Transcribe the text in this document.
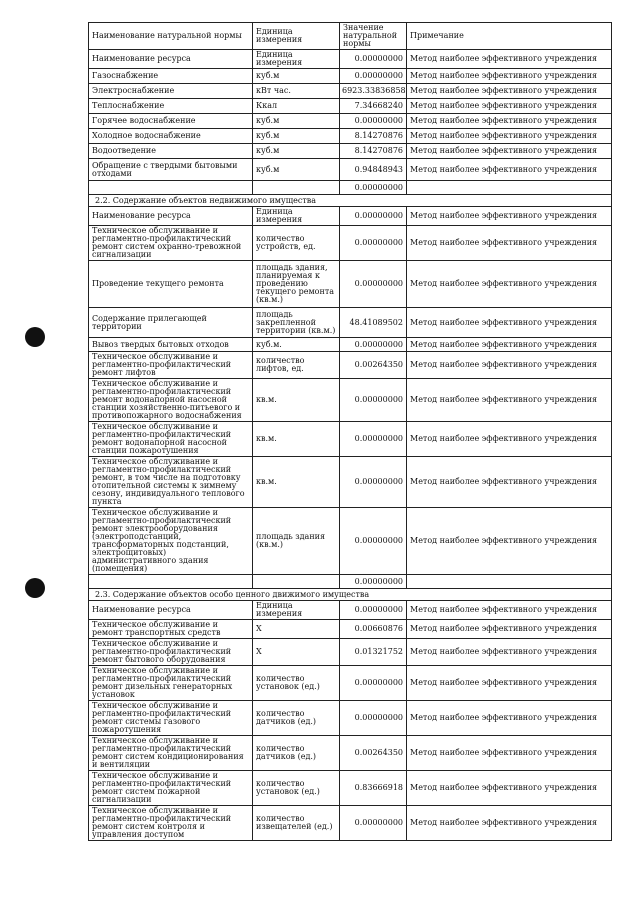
Наименование натуральной нормы	Единица измерения	Значение натуральной нормы	Примечание
Наименование ресурса	Единица измерения	0.00000000	Метод наиболее эффективного учреждения
Газоснабжение	куб.м	0.00000000	Метод наиболее эффективного учреждения
Электроснабжение	кВт час.	6923.33836858	Метод наиболее эффективного учреждения
Теплоснабжение	Ккал	7.34668240	Метод наиболее эффективного учреждения
Горячее водоснабжение	куб.м	0.00000000	Метод наиболее эффективного учреждения
Холодное водоснабжение	куб.м	8.14270876	Метод наиболее эффективного учреждения
Водоотведение	куб.м	8.14270876	Метод наиболее эффективного учреждения
Обращение с твердыми бытовыми отходами	куб.м	0.94848943	Метод наиболее эффективного учреждения
		0.00000000	
2.2. Содержание объектов недвижимого имущества			
Наименование ресурса	Единица измерения	0.00000000	Метод наиболее эффективного учреждения
Техническое обслуживание и регламентно-профилактический ремонт систем охранно-тревожной сигнализации	количество устройств, ед.	0.00000000	Метод наиболее эффективного учреждения
Проведение текущего ремонта	площадь здания, планируемая к проведению текущего ремонта (кв.м.)	0.00000000	Метод наиболее эффективного учреждения
Содержание прилегающей территории	площадь закрепленной территории (кв.м.)	48.41089502	Метод наиболее эффективного учреждения
Вывоз твердых бытовых отходов	куб.м.	0.00000000	Метод наиболее эффективного учреждения
Техническое обслуживание и регламентно-профилактический ремонт лифтов	количество лифтов, ед.	0.00264350	Метод наиболее эффективного учреждения
Техническое обслуживание и регламентно-профилактический ремонт водонапорной насосной станции хозяйственно-питьевого и противопожарного водоснабжения	кв.м.	0.00000000	Метод наиболее эффективного учреждения
Техническое обслуживание и регламентно-профилактический ремонт водонапорной насосной станции пожаротушения	кв.м.	0.00000000	Метод наиболее эффективного учреждения
Техническое обслуживание и регламентно-профилактический ремонт, в том числе на подготовку отопительной системы к зимнему сезону, индивидуального теплового пункта	кв.м.	0.00000000	Метод наиболее эффективного учреждения
Техническое обслуживание и регламентно-профилактический ремонт электрооборудования (электроподстанций, трансформаторных подстанций, электрощитовых) административного здания (помещения)	площадь здания (кв.м.)	0.00000000	Метод наиболее эффективного учреждения
		0.00000000	
2.3. Содержание объектов особо ценного движимого имущества			
Наименование ресурса	Единица измерения	0.00000000	Метод наиболее эффективного учреждения
Техническое обслуживание и ремонт транспортных средств	Х	0.00660876	Метод наиболее эффективного учреждения
Техническое обслуживание и регламентно-профилактический ремонт бытового оборудования	Х	0.01321752	Метод наиболее эффективного учреждения
Техническое обслуживание и регламентно-профилактический ремонт дизельных генераторных установок	количество установок (ед.)	0.00000000	Метод наиболее эффективного учреждения
Техническое обслуживание и регламентно-профилактический ремонт системы газового пожаротушения	количество датчиков (ед.)	0.00000000	Метод наиболее эффективного учреждения
Техническое обслуживание и регламентно-профилактический ремонт систем кондиционирования и вентиляции	количество датчиков (ед.)	0.00264350	Метод наиболее эффективного учреждения
Техническое обслуживание и регламентно-профилактический ремонт систем пожарной сигнализации	количество установок (ед.)	0.83666918	Метод наиболее эффективного учреждения
Техническое обслуживание и регламентно-профилактический ремонт систем контроля и управления доступом	количество извещателей (ед.)	0.00000000	Метод наиболее эффективного учреждения
